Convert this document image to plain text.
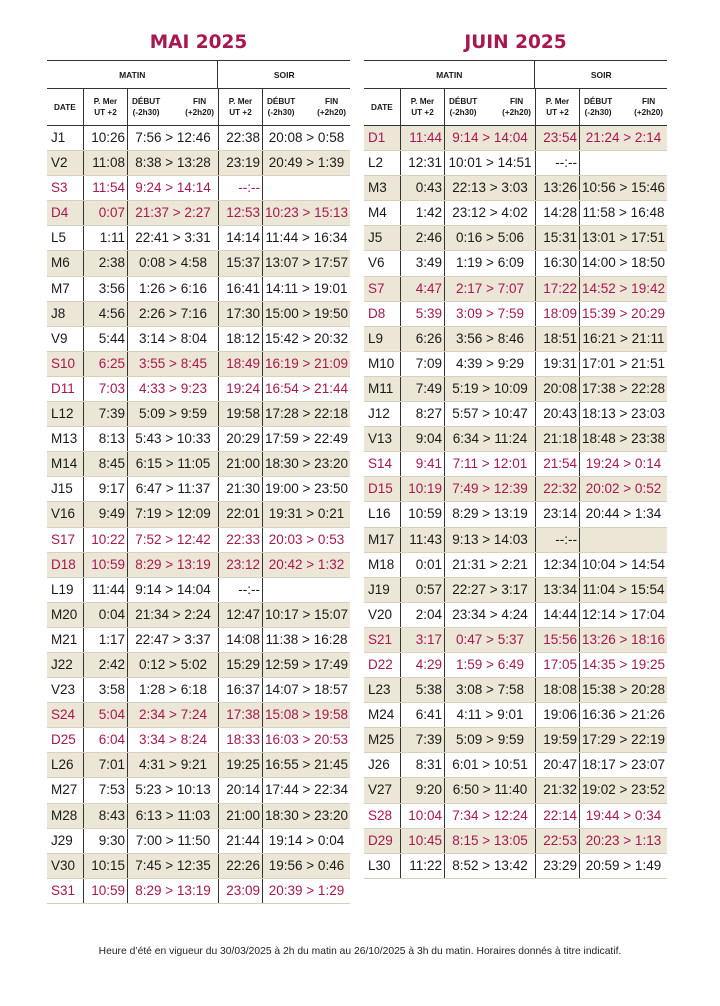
MAI 2025
MATIN	SOIR
DATE
P. Mer
UT +2
DÉBUT
(-2h30)
FIN
(+2h20)
P. Mer
UT +2
DÉBUT
(-2h30)
FIN
(+2h20)
J 1	10:26 7:56 > 12:46	22:38 20:08 > 0:58
V 2	11:08 8:38 > 13:28	23:19 20:49 > 1:39
S 3	11:54 9:24 > 14:14	--:--
D 4	0:07 21:37 > 2:27	12:53 10:23 > 15:13
L 5	1:11 22:41 > 3:31	14:14 11:44 > 16:34
M 6	2:38	0:08 > 4:58	15:37 13:07 > 17:57
M 7	3:56	1:26 > 6:16	16:41 14:11 > 19:01
J 8	4:56	2:26 > 7:16	17:30 15:00 > 19:50
V 9	5:44	3:14 > 8:04	18:12 15:42 > 20:32
S 10	6:25	3:55 > 8:45	18:49 16:19 > 21:09
D 11	7:03	4:33 > 9:23	19:24 16:54 > 21:44
L 12	7:39	5:09 > 9:59	19:58 17:28 > 22:18
M 13	8:13 5:43 > 10:33	20:29 17:59 > 22:49
M 14	8:45 6:15 > 11:05	21:00 18:30 > 23:20
J 15	9:17 6:47 > 11:37	21:30 19:00 > 23:50
V 16	9:49 7:19 > 12:09	22:01 19:31 > 0:21
S 17	10:22 7:52 > 12:42	22:33 20:03 > 0:53
D 18	10:59 8:29 > 13:19	23:12 20:42 > 1:32
L 19	11:44 9:14 > 14:04	--:--
M 20	0:04 21:34 > 2:24	12:47 10:17 > 15:07
M 21	1:17 22:47 > 3:37	14:08 11:38 > 16:28
J 22	2:42	0:12 > 5:02	15:29 12:59 > 17:49
V 23	3:58	1:28 > 6:18	16:37 14:07 > 18:57
S 24	5:04	2:34 > 7:24	17:38 15:08 > 19:58
D 25	6:04	3:34 > 8:24	18:33 16:03 > 20:53
L 26	7:01	4:31 > 9:21	19:25 16:55 > 21:45
M 27	7:53 5:23 > 10:13	20:14 17:44 > 22:34
M 28	8:43 6:13 > 11:03	21:00 18:30 > 23:20
J 29	9:30 7:00 > 11:50	21:44 19:14 > 0:04
V 30	10:15 7:45 > 12:35	22:26 19:56 > 0:46
S 31	10:59 8:29 > 13:19	23:09 20:39 > 1:29
JUIN 2025
MATIN	SOIR
DATE
P. Mer
UT +2
DÉBUT
(-2h30)
FIN
(+2h20)
P. Mer
UT +2
DÉBUT
(-2h30)
FIN
(+2h20)
D 1	11:44 9:14 > 14:04	23:54 21:24 > 2:14
L 2	12:31 10:01 > 14:51	--:--
M 3	0:43 22:13 > 3:03	13:26 10:56 > 15:46
M 4	1:42 23:12 > 4:02	14:28 11:58 > 16:48
J 5	2:46	0:16 > 5:06	15:31 13:01 > 17:51
V 6	3:49	1:19 > 6:09	16:30 14:00 > 18:50
S 7	4:47	2:17 > 7:07	17:22 14:52 > 19:42
D 8	5:39	3:09 > 7:59	18:09 15:39 > 20:29
L 9	6:26	3:56 > 8:46	18:51 16:21 > 21:11
M 10	7:09	4:39 > 9:29	19:31 17:01 > 21:51
M 11	7:49 5:19 > 10:09	20:08 17:38 > 22:28
J 12	8:27 5:57 > 10:47	20:43 18:13 > 23:03
V 13	9:04 6:34 > 11:24	21:18 18:48 > 23:38
S 14	9:41 7:11 > 12:01	21:54 19:24 > 0:14
D 15	10:19 7:49 > 12:39	22:32 20:02 > 0:52
L 16	10:59 8:29 > 13:19	23:14 20:44 > 1:34
M 17	11:43 9:13 > 14:03	--:--
M 18	0:01 21:31 > 2:21	12:34 10:04 > 14:54
J 19	0:57 22:27 > 3:17	13:34 11:04 > 15:54
V 20	2:04 23:34 > 4:24	14:44 12:14 > 17:04
S 21	3:17	0:47 > 5:37	15:56 13:26 > 18:16
D 22	4:29	1:59 > 6:49	17:05 14:35 > 19:25
L 23	5:38	3:08 > 7:58	18:08 15:38 > 20:28
M 24	6:41	4:11 > 9:01	19:06 16:36 > 21:26
M 25	7:39	5:09 > 9:59	19:59 17:29 > 22:19
J 26	8:31 6:01 > 10:51	20:47 18:17 > 23:07
V 27	9:20 6:50 > 11:40	21:32 19:02 > 23:52
S 28	10:04 7:34 > 12:24	22:14 19:44 > 0:34
D 29	10:45 8:15 > 13:05	22:53 20:23 > 1:13
L 30	11:22 8:52 > 13:42	23:29 20:59 > 1:49
Heure d’été en vigueur du 30/03/2025 à 2h du matin au 26/10/2025 à 3h du matin. Horaires donnés à titre indicatif.
